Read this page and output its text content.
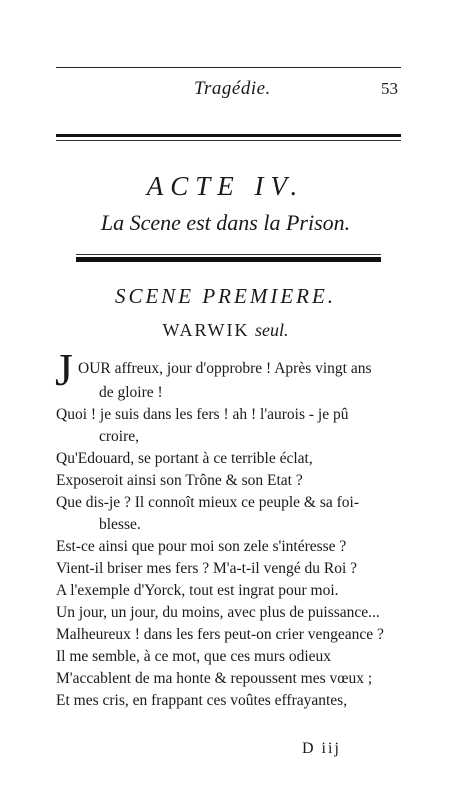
Tragédie.	53
ACTE IV.
La Scene est dans la Prison.
SCENE PREMIERE.
WARWIK seul.
J OUR affreux, jour d'opprobre ! Après vingt ans
de gloire !
Quoi ! je suis dans les fers ! ah ! l'aurois - je pû
croire,
Qu'Edouard, se portant à ce terrible éclat,
Exposeroit ainsi son Trône & son Etat ?
Que dis-je ? Il connoît mieux ce peuple & sa foi-
blesse.
Est-ce ainsi que pour moi son zele s'intéresse ?
Vient-il briser mes fers ? M'a-t-il vengé du Roi ?
A l'exemple d'Yorck, tout est ingrat pour moi.
Un jour, un jour, du moins, avec plus de puissance...
Malheureux ! dans les fers peut-on crier vengeance ?
Il me semble, à ce mot, que ces murs odieux
M'accablent de ma honte & repoussent mes vœux ;
Et mes cris, en frappant ces voûtes effrayantes,
D iij
